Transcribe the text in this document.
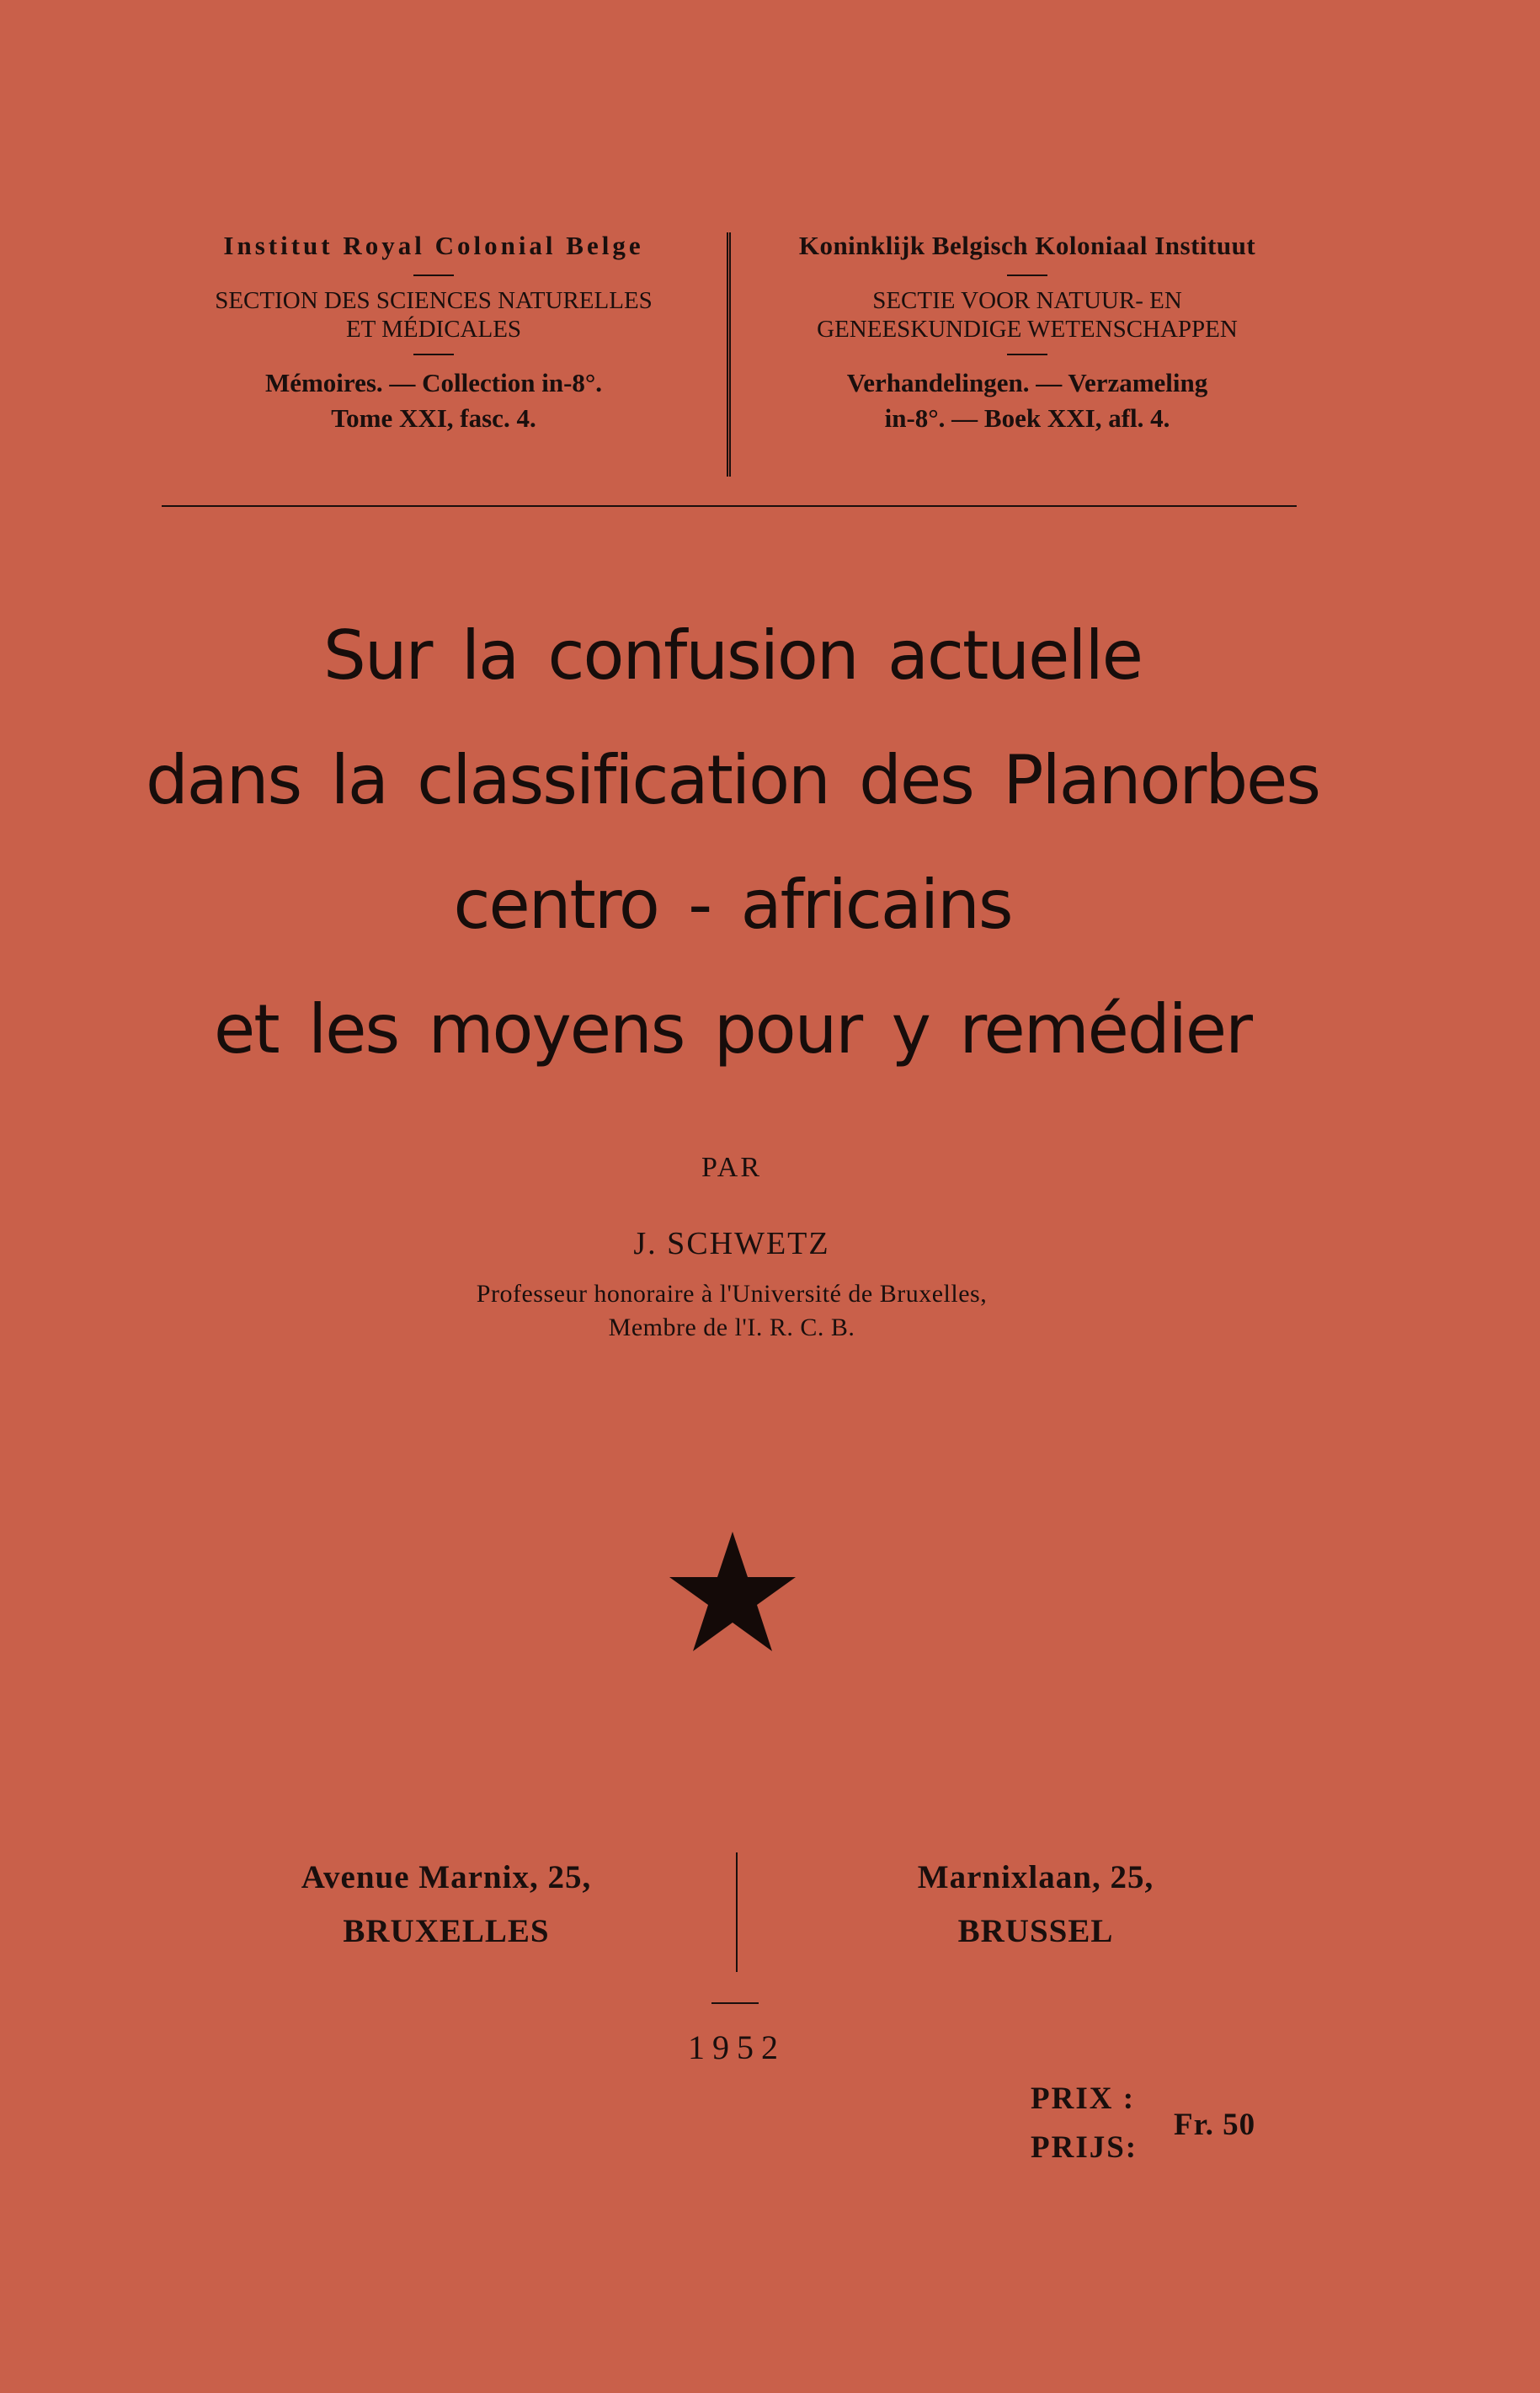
Institut Royal Colonial Belge
SECTION DES SCIENCES NATURELLES
ET MÉDICALES
Mémoires. — Collection in-8°.
Tome XXI, fasc. 4.
Koninklijk Belgisch Koloniaal Instituut
SECTIE VOOR NATUUR- EN
GENEESKUNDIGE WETENSCHAPPEN
Verhandelingen. — Verzameling
in-8°. — Boek XXI, afl. 4.
Sur la confusion actuelle
dans la classification des Planorbes
centro - africains
et les moyens pour y remédier
PAR
J. SCHWETZ
Professeur honoraire à l'Université de Bruxelles,
Membre de l'I. R. C. B.
Avenue Marnix, 25,
BRUXELLES
Marnixlaan, 25,
BRUSSEL
1952
PRIX :
PRIJS:
Fr. 50
